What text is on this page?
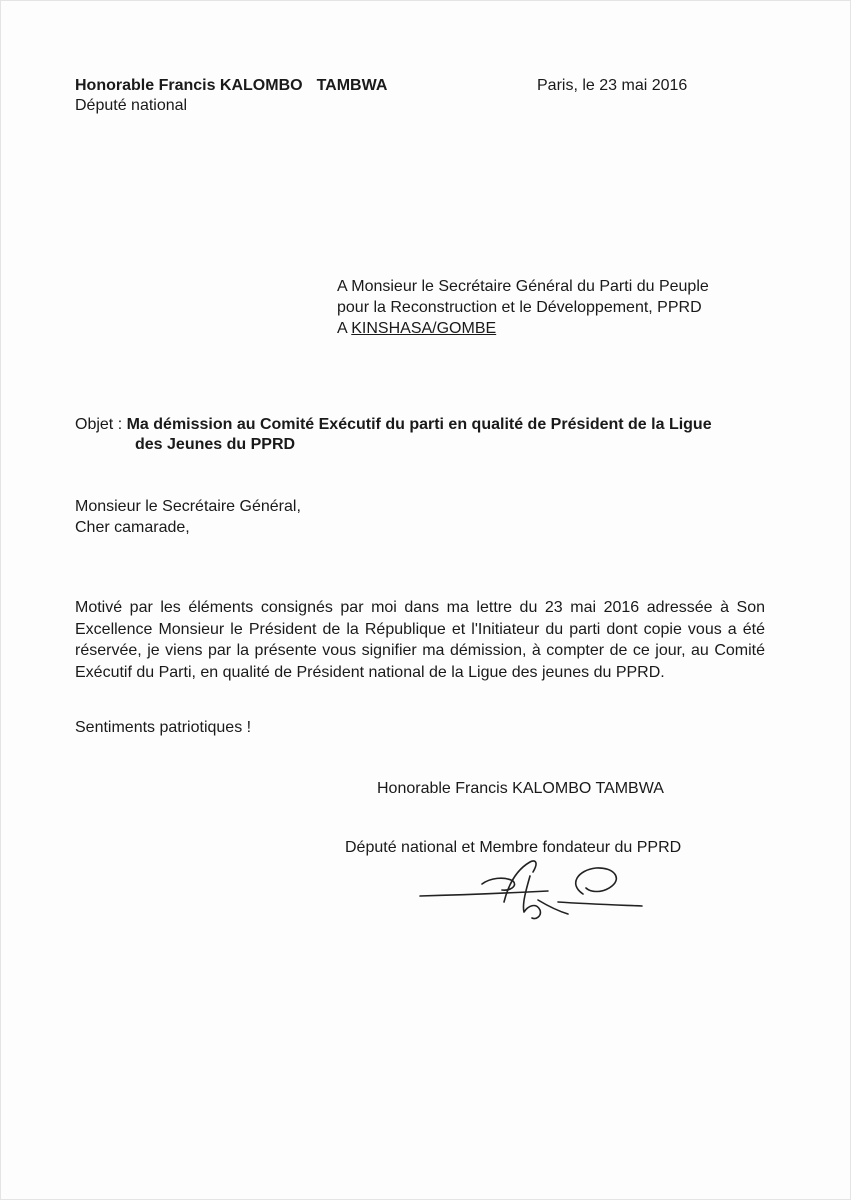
Honorable Francis KALOMBO TAMBWA
Député national
Paris, le 23 mai 2016
A Monsieur le Secrétaire Général du Parti du Peuple
pour la Reconstruction et le Développement, PPRD
A KINSHASA/GOMBE
Objet : Ma démission au Comité Exécutif du parti en qualité de Président de la Ligue
des Jeunes du PPRD
Monsieur le Secrétaire Général,
Cher camarade,
Motivé par les éléments consignés par moi dans ma lettre du 23 mai 2016 adressée à Son Excellence Monsieur le Président de la République et l'Initiateur du parti dont copie vous a été réservée, je viens par la présente vous signifier ma démission, à compter de ce jour, au Comité Exécutif du Parti, en qualité de Président national de la Ligue des jeunes du PPRD.
Sentiments patriotiques !
Honorable Francis KALOMBO TAMBWA
Député national et Membre fondateur du PPRD
